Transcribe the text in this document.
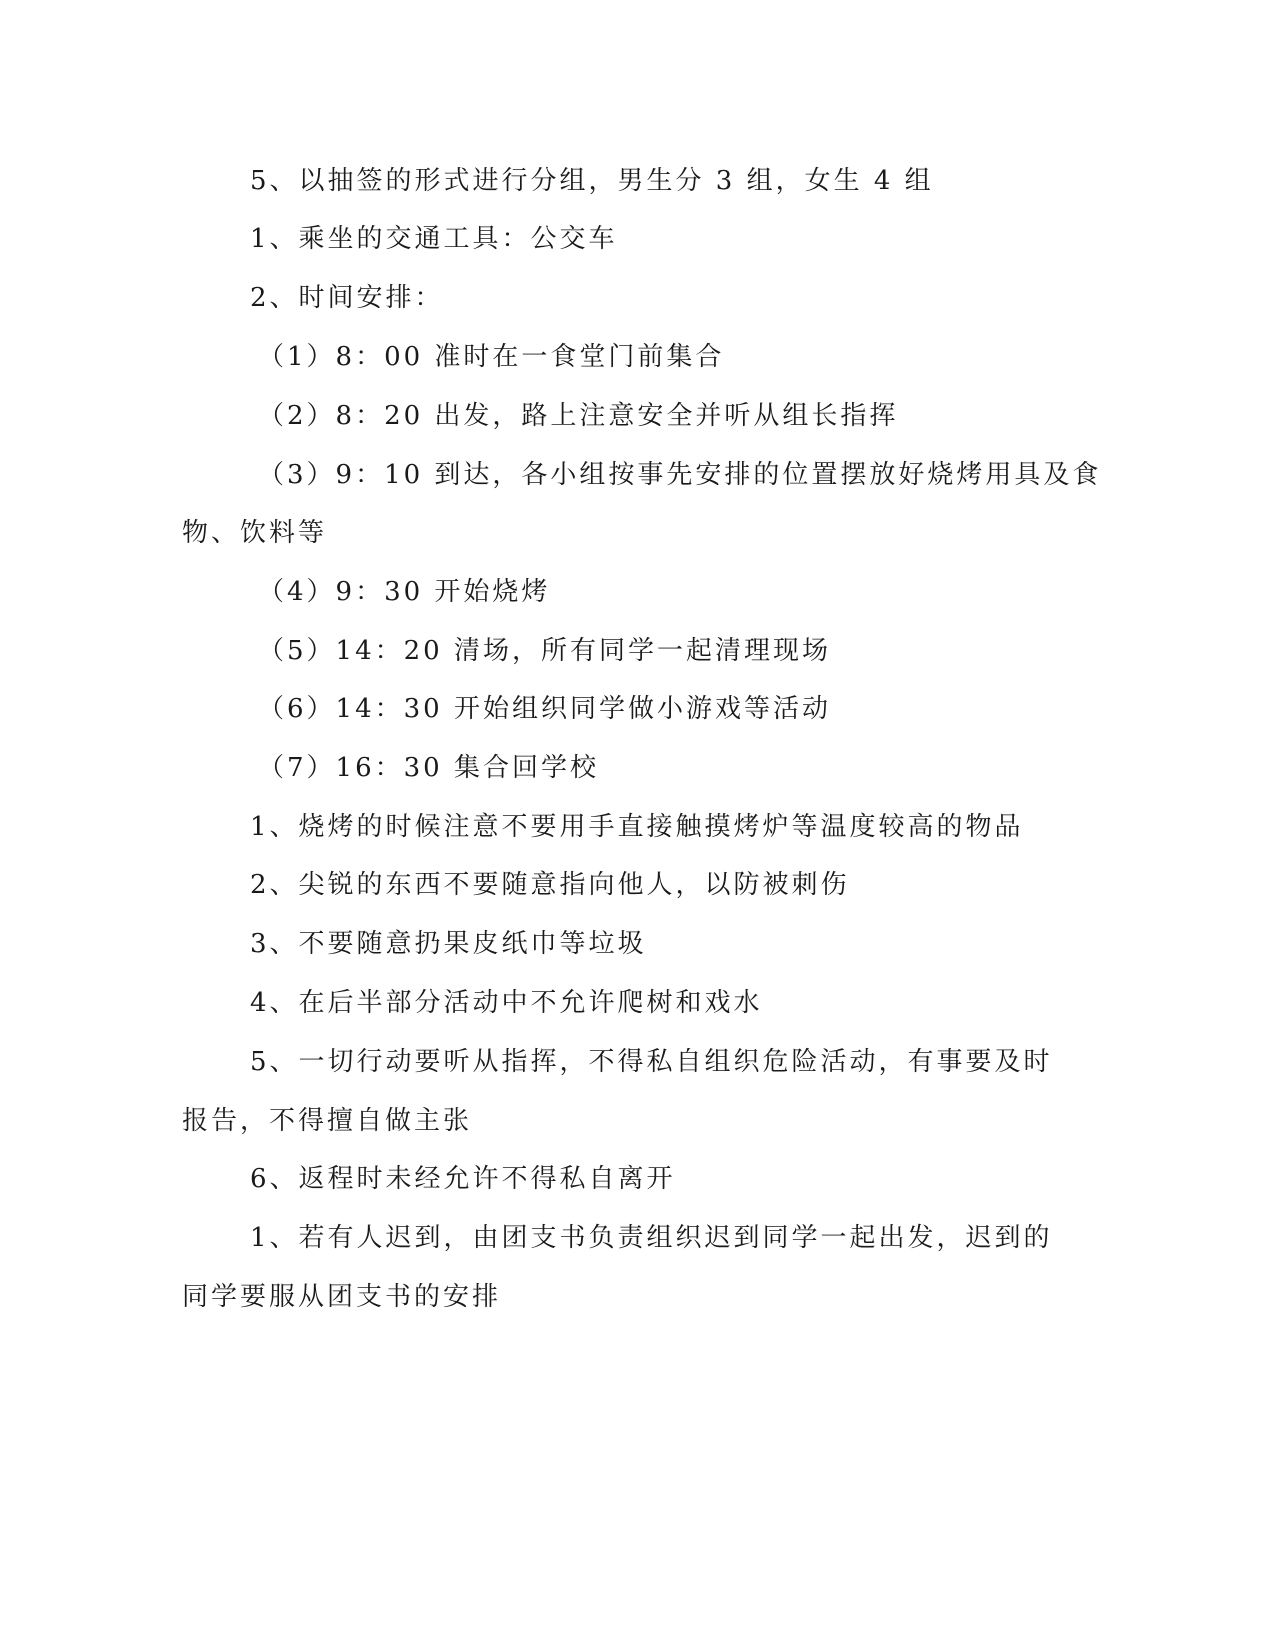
5、以抽签的形式进行分组，男生分 3 组，女生 4 组
1、乘坐的交通工具：公交车
2、时间安排：
（1）8：00 准时在一食堂门前集合
（2）8：20 出发，路上注意安全并听从组长指挥
（3）9：10 到达，各小组按事先安排的位置摆放好烧烤用具及食
物、饮料等
（4）9：30 开始烧烤
（5）14：20 清场，所有同学一起清理现场
（6）14：30 开始组织同学做小游戏等活动
（7）16：30 集合回学校
1、烧烤的时候注意不要用手直接触摸烤炉等温度较高的物品
2、尖锐的东西不要随意指向他人，以防被刺伤
3、不要随意扔果皮纸巾等垃圾
4、在后半部分活动中不允许爬树和戏水
5、一切行动要听从指挥，不得私自组织危险活动，有事要及时
报告，不得擅自做主张
6、返程时未经允许不得私自离开
1、若有人迟到，由团支书负责组织迟到同学一起出发，迟到的
同学要服从团支书的安排
